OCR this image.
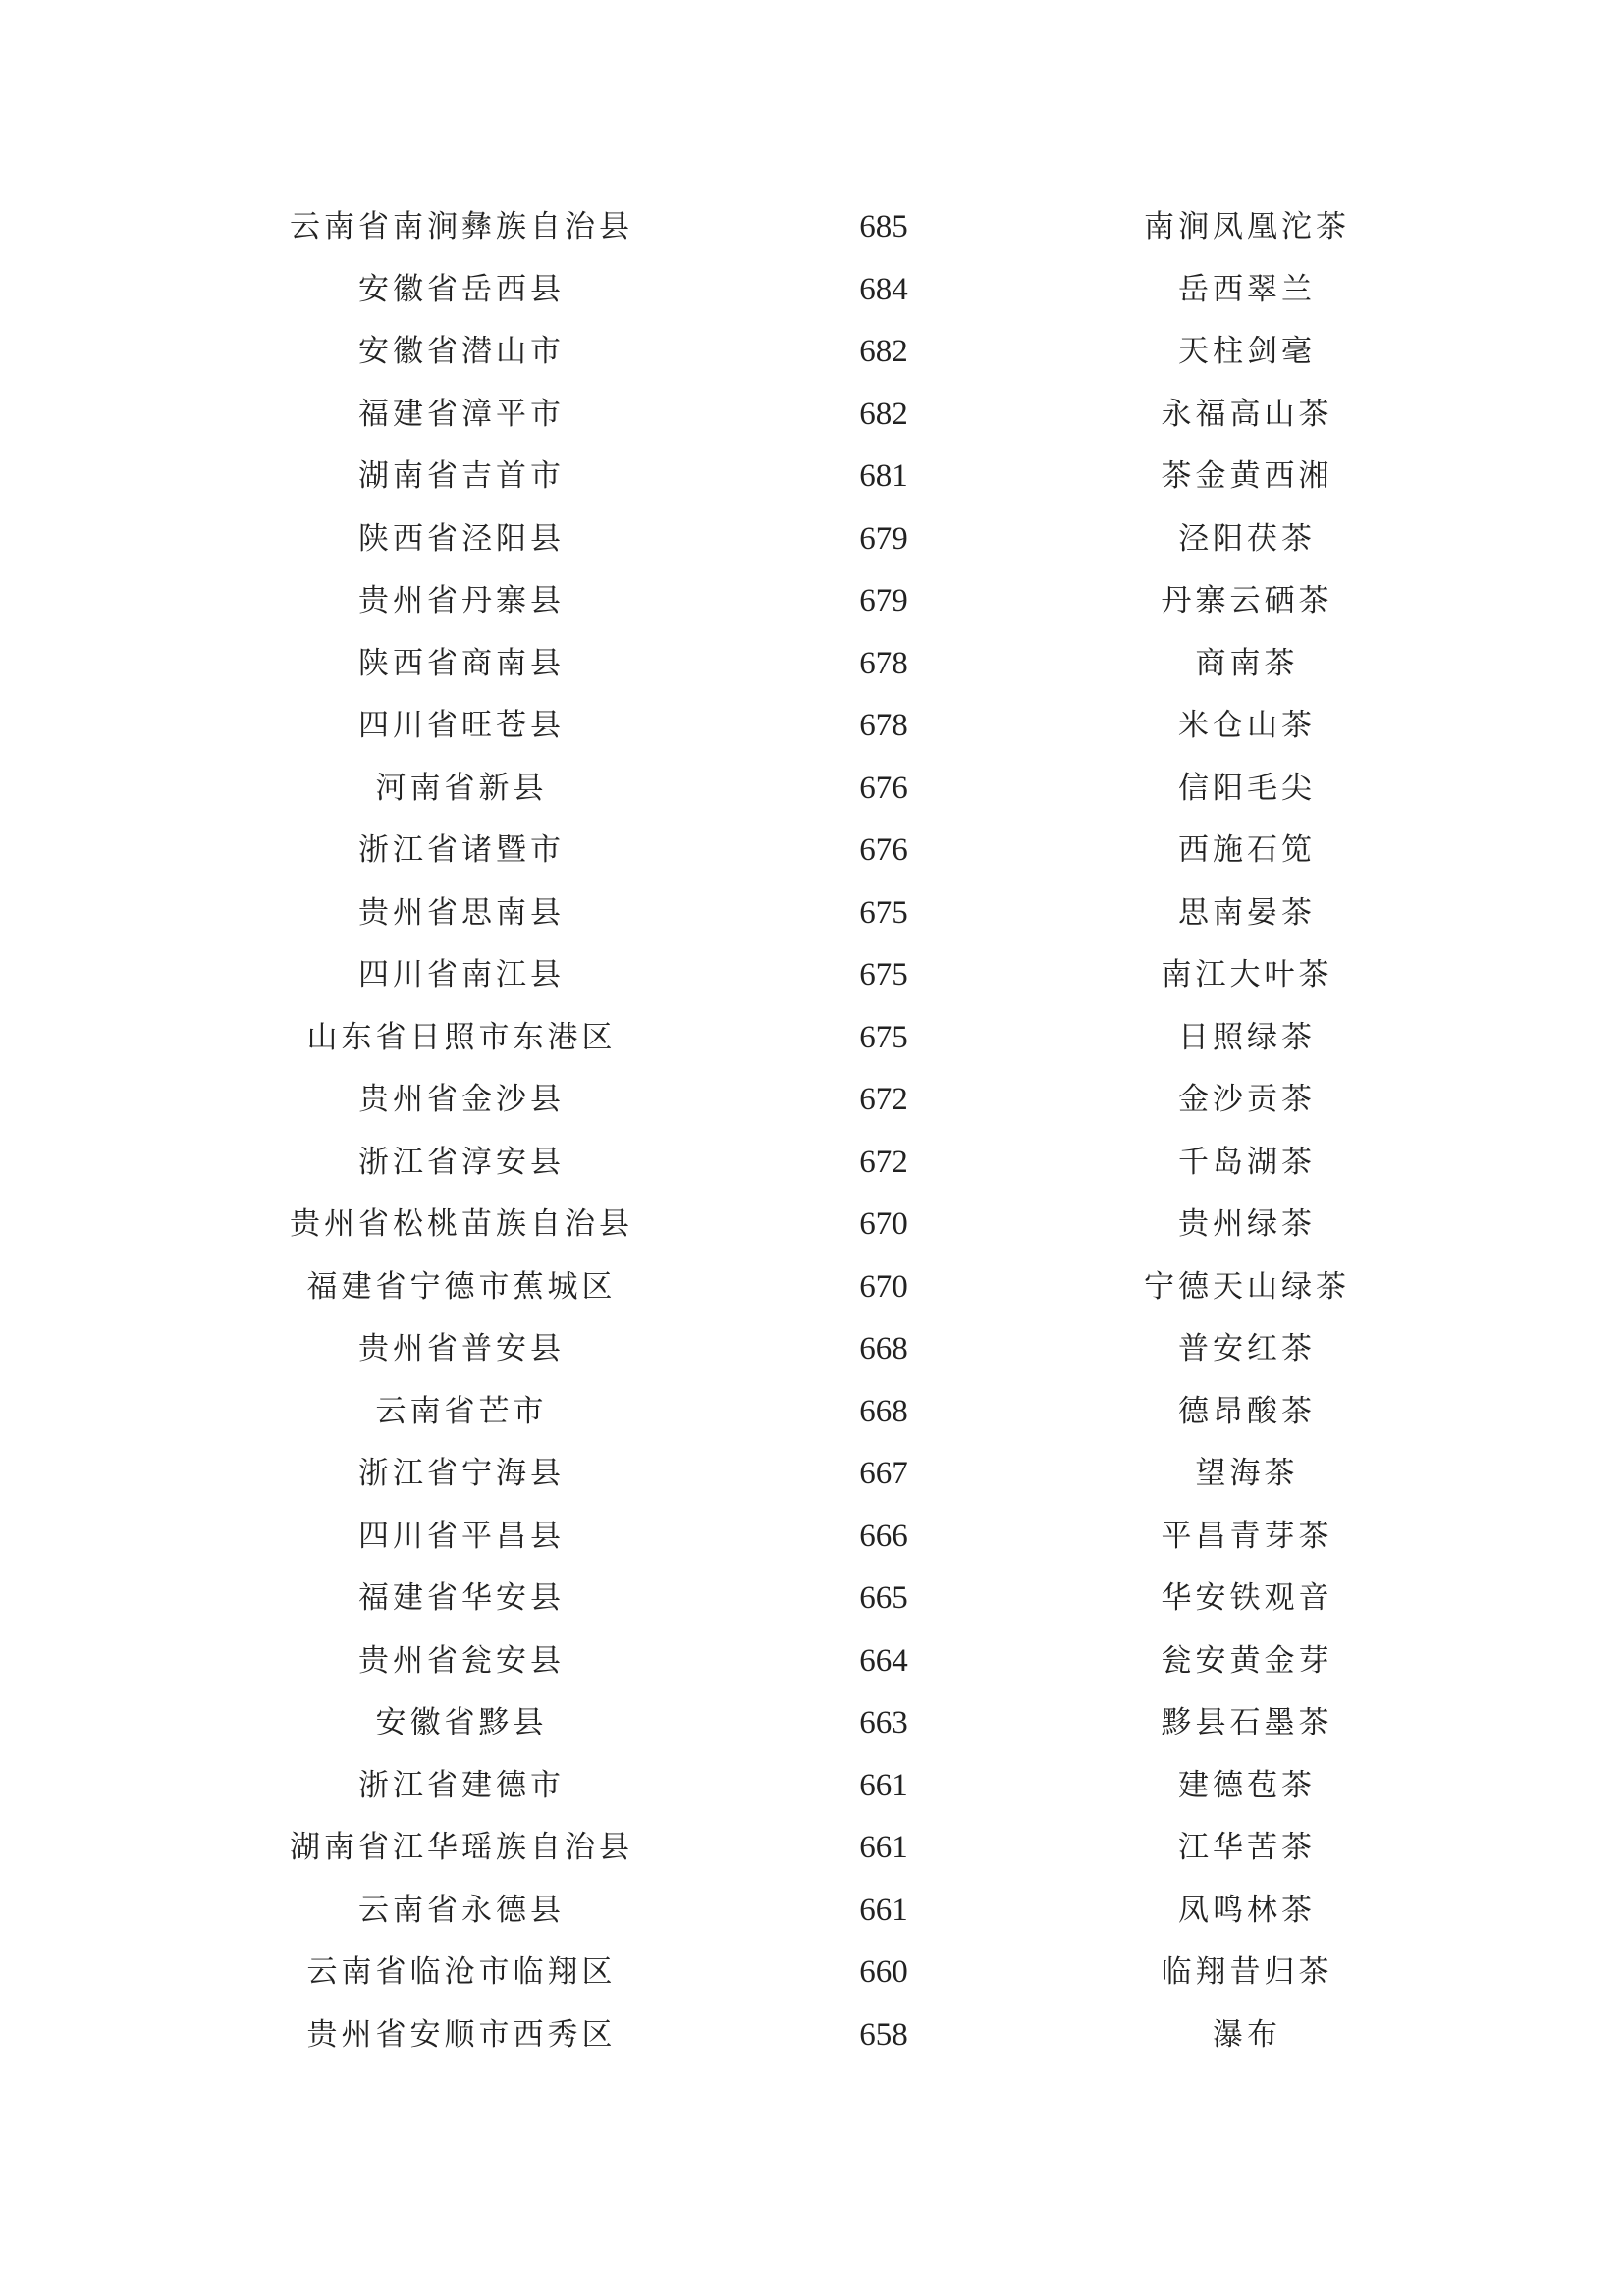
云南省南涧彝族自治县	685	南涧凤凰沱茶
安徽省岳西县	684	岳西翠兰
安徽省潜山市	682	天柱剑毫
福建省漳平市	682	永福高山茶
湖南省吉首市	681	茶金黄西湘
陕西省泾阳县	679	泾阳茯茶
贵州省丹寨县	679	丹寨云硒茶
陕西省商南县	678	商南茶
四川省旺苍县	678	米仓山茶
河南省新县	676	信阳毛尖
浙江省诸暨市	676	西施石笕
贵州省思南县	675	思南晏茶
四川省南江县	675	南江大叶茶
山东省日照市东港区	675	日照绿茶
贵州省金沙县	672	金沙贡茶
浙江省淳安县	672	千岛湖茶
贵州省松桃苗族自治县	670	贵州绿茶
福建省宁德市蕉城区	670	宁德天山绿茶
贵州省普安县	668	普安红茶
云南省芒市	668	德昂酸茶
浙江省宁海县	667	望海茶
四川省平昌县	666	平昌青芽茶
福建省华安县	665	华安铁观音
贵州省瓮安县	664	瓮安黄金芽
安徽省黟县	663	黟县石墨茶
浙江省建德市	661	建德苞茶
湖南省江华瑶族自治县	661	江华苦茶
云南省永德县	661	凤鸣林茶
云南省临沧市临翔区	660	临翔昔归茶
贵州省安顺市西秀区	658	瀑布
